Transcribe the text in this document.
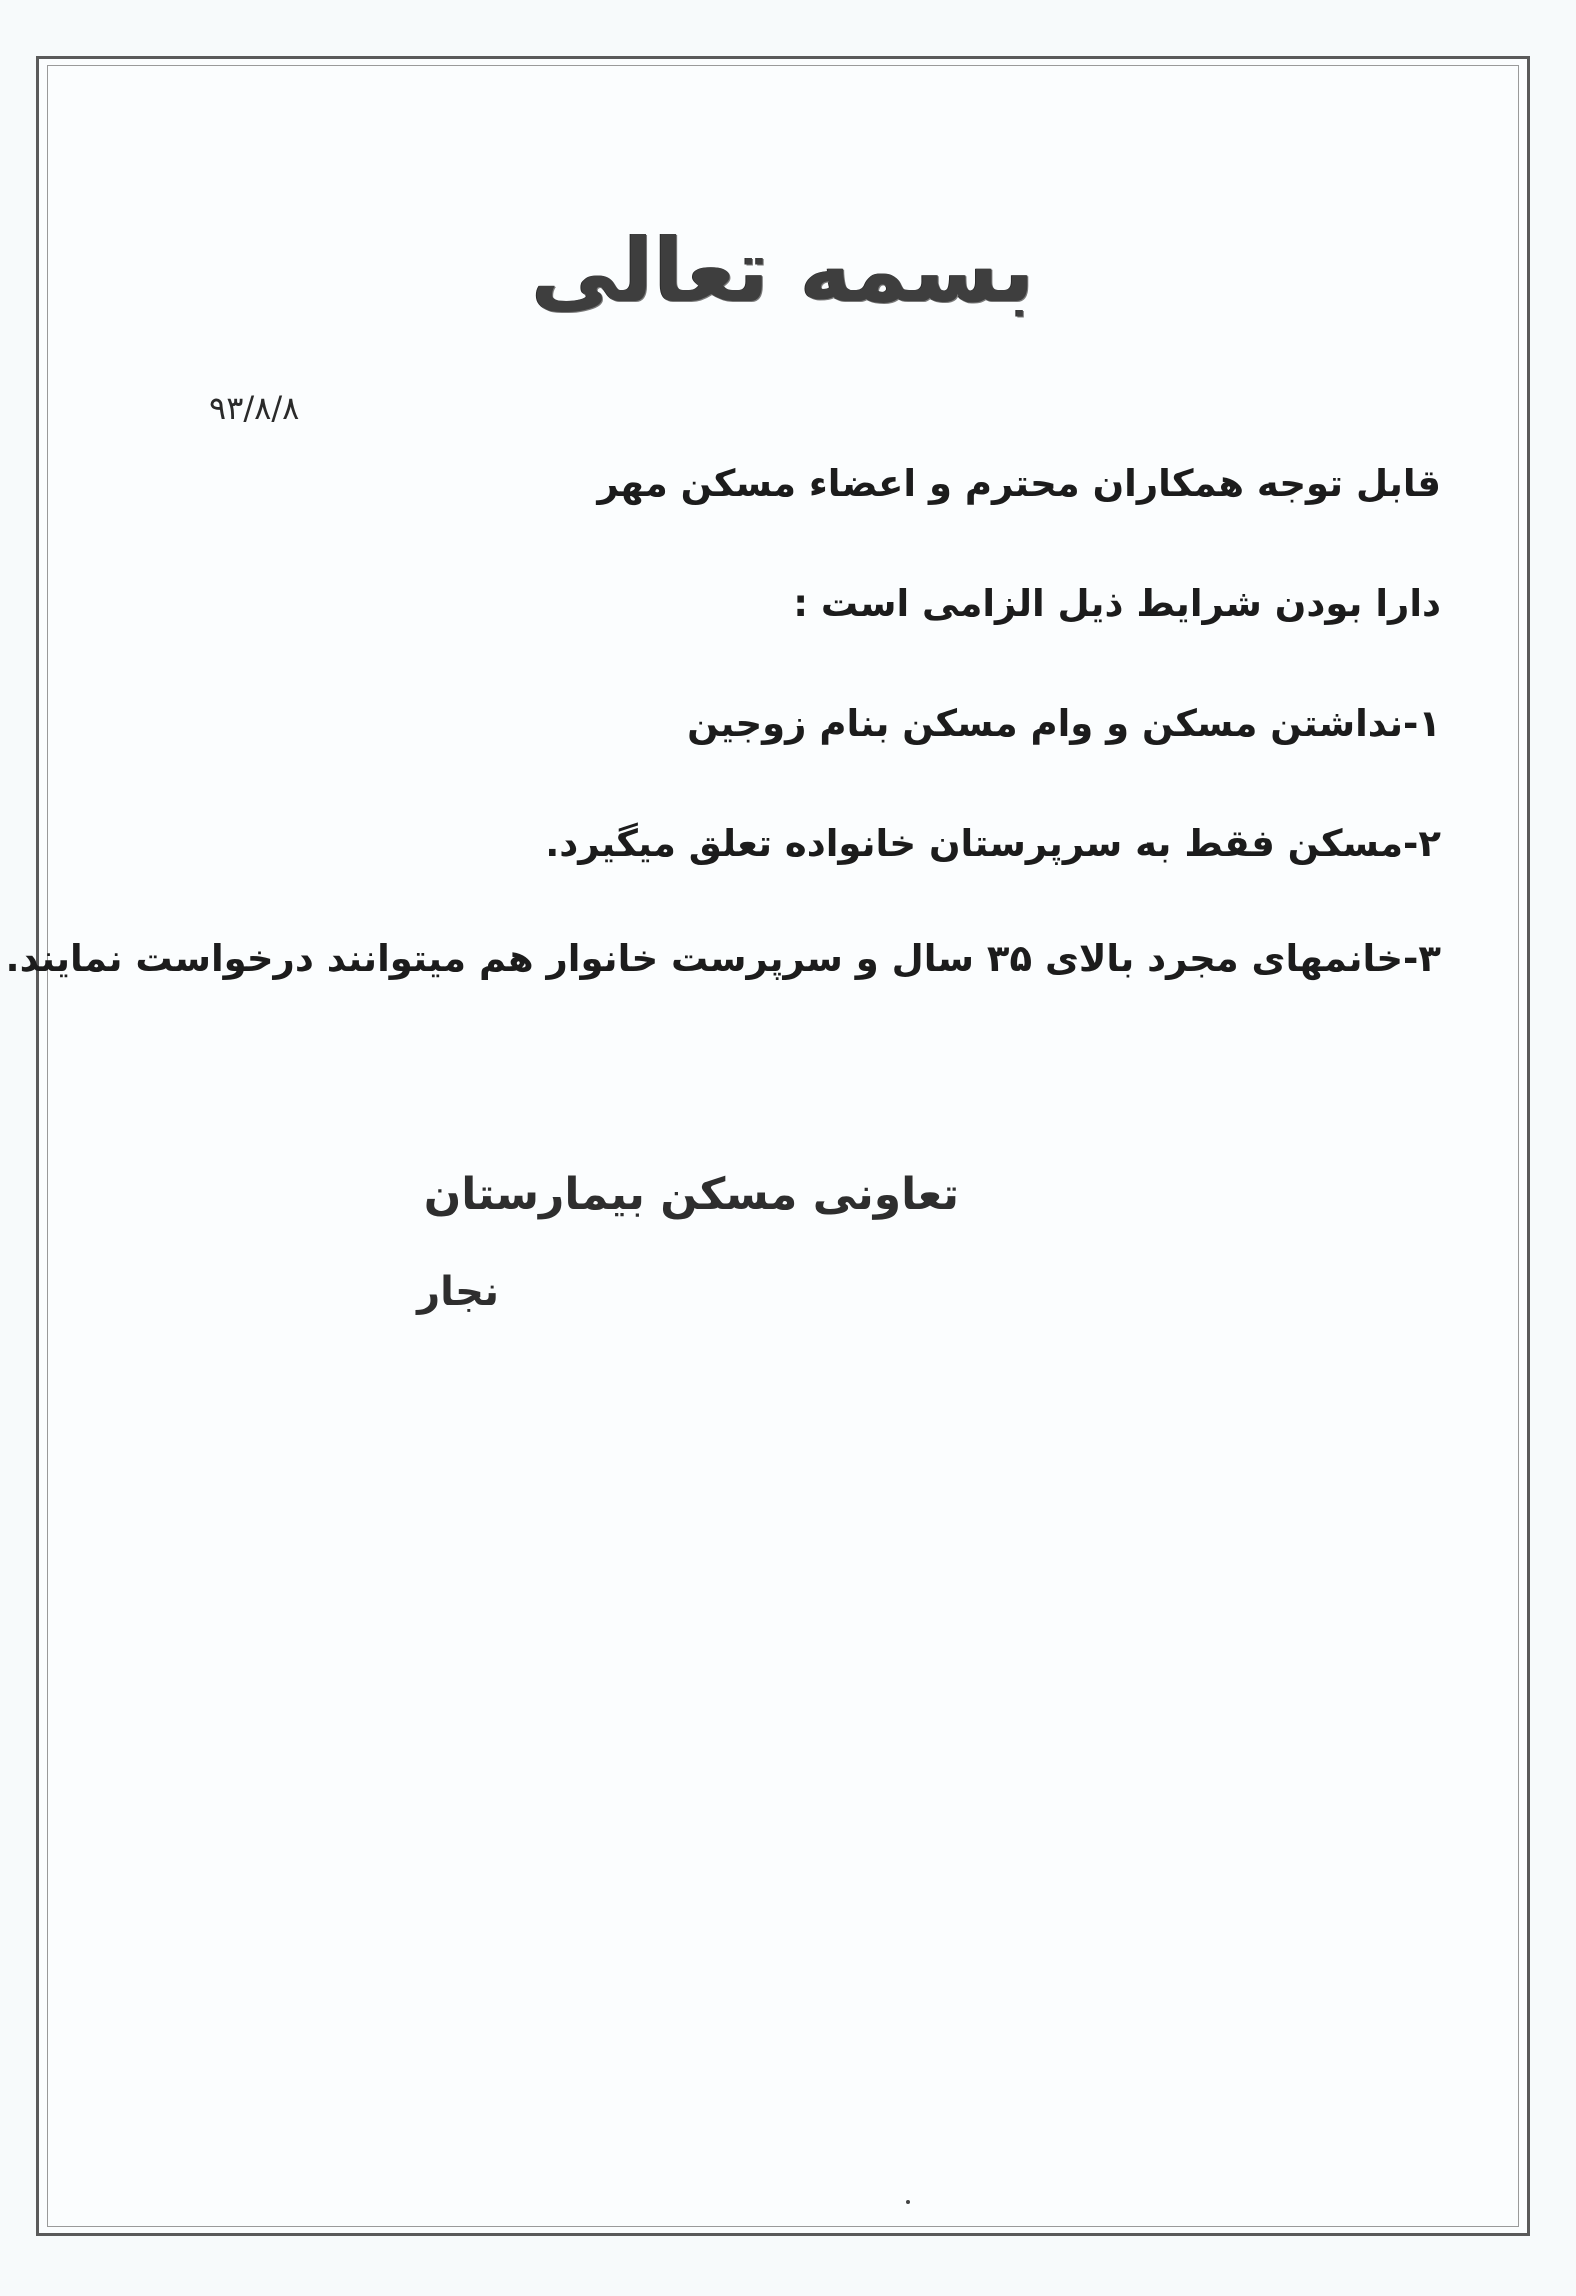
بسمه تعالی
۹۳/۸/۸

قابل توجه همکاران محترم و اعضاء مسکن مهر

دارا بودن شرایط ذیل الزامی است :

۱-نداشتن مسکن و وام مسکن بنام زوجین

۲-مسکن فقط به سرپرستان خانواده تعلق میگیرد.

۳-خانمهای مجرد بالای ۳۵ سال و سرپرست خانوار هم میتوانند درخواست نمایند.

تعاونی مسکن بیمارستان

نجار
